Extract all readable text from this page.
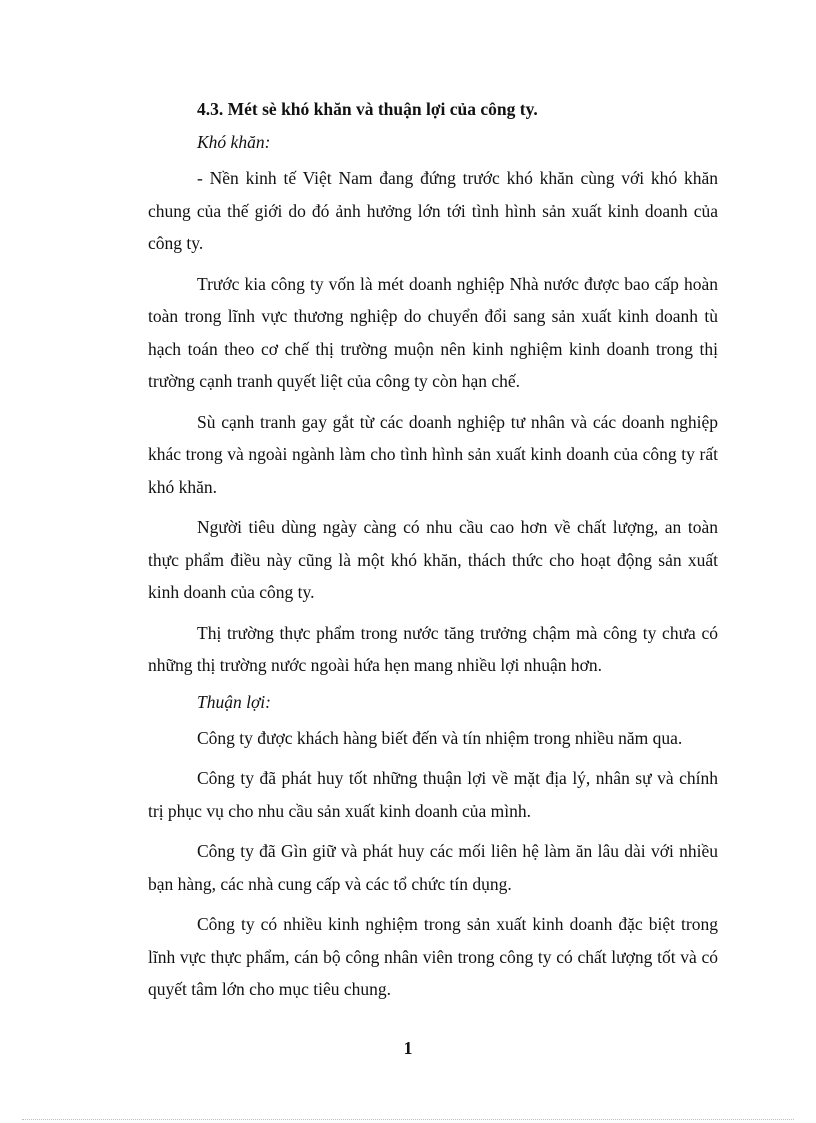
4.3. Mét sè khó khăn và thuận lợi của công ty.

Khó khăn:

- Nền kinh tế Việt Nam đang đứng trước khó khăn cùng với khó khăn chung của thế giới do đó ảnh hưởng lớn tới tình hình sản xuất kinh doanh của công ty.

Trước kia công ty vốn là mét doanh nghiệp Nhà nước được bao cấp hoàn toàn trong lĩnh vực thương nghiệp do chuyển đổi sang sản xuất kinh doanh tù hạch toán theo cơ chế thị trường muộn nên kinh nghiệm kinh doanh trong thị trường cạnh tranh quyết liệt của công ty còn hạn chế.

Sù cạnh tranh gay gắt từ các doanh nghiệp tư nhân và các doanh nghiệp khác trong và ngoài ngành làm cho tình hình sản xuất kinh doanh của công ty rất khó khăn.

Người tiêu dùng ngày càng có nhu cầu cao hơn về chất lượng, an toàn thực phẩm điều này cũng là một khó khăn, thách thức cho hoạt động sản xuất kinh doanh của công ty.

Thị trường thực phẩm trong nước tăng trưởng chậm mà công ty chưa có những thị trường nước ngoài hứa hẹn mang nhiều lợi nhuận hơn.

Thuận lợi:

Công ty được khách hàng biết đến và tín nhiệm trong nhiều năm qua.

Công ty đã phát huy tốt những thuận lợi về mặt địa lý, nhân sự và chính trị phục vụ cho nhu cầu sản xuất kinh doanh của mình.

Công ty đã Gìn giữ và phát huy các mối liên hệ làm ăn lâu dài với nhiều bạn hàng, các nhà cung cấp và các tổ chức tín dụng.

Công ty có nhiều kinh nghiệm trong sản xuất kinh doanh đặc biệt trong lĩnh vực thực phẩm, cán bộ công nhân viên trong công ty có chất lượng tốt và có quyết tâm lớn cho mục tiêu chung.

1
